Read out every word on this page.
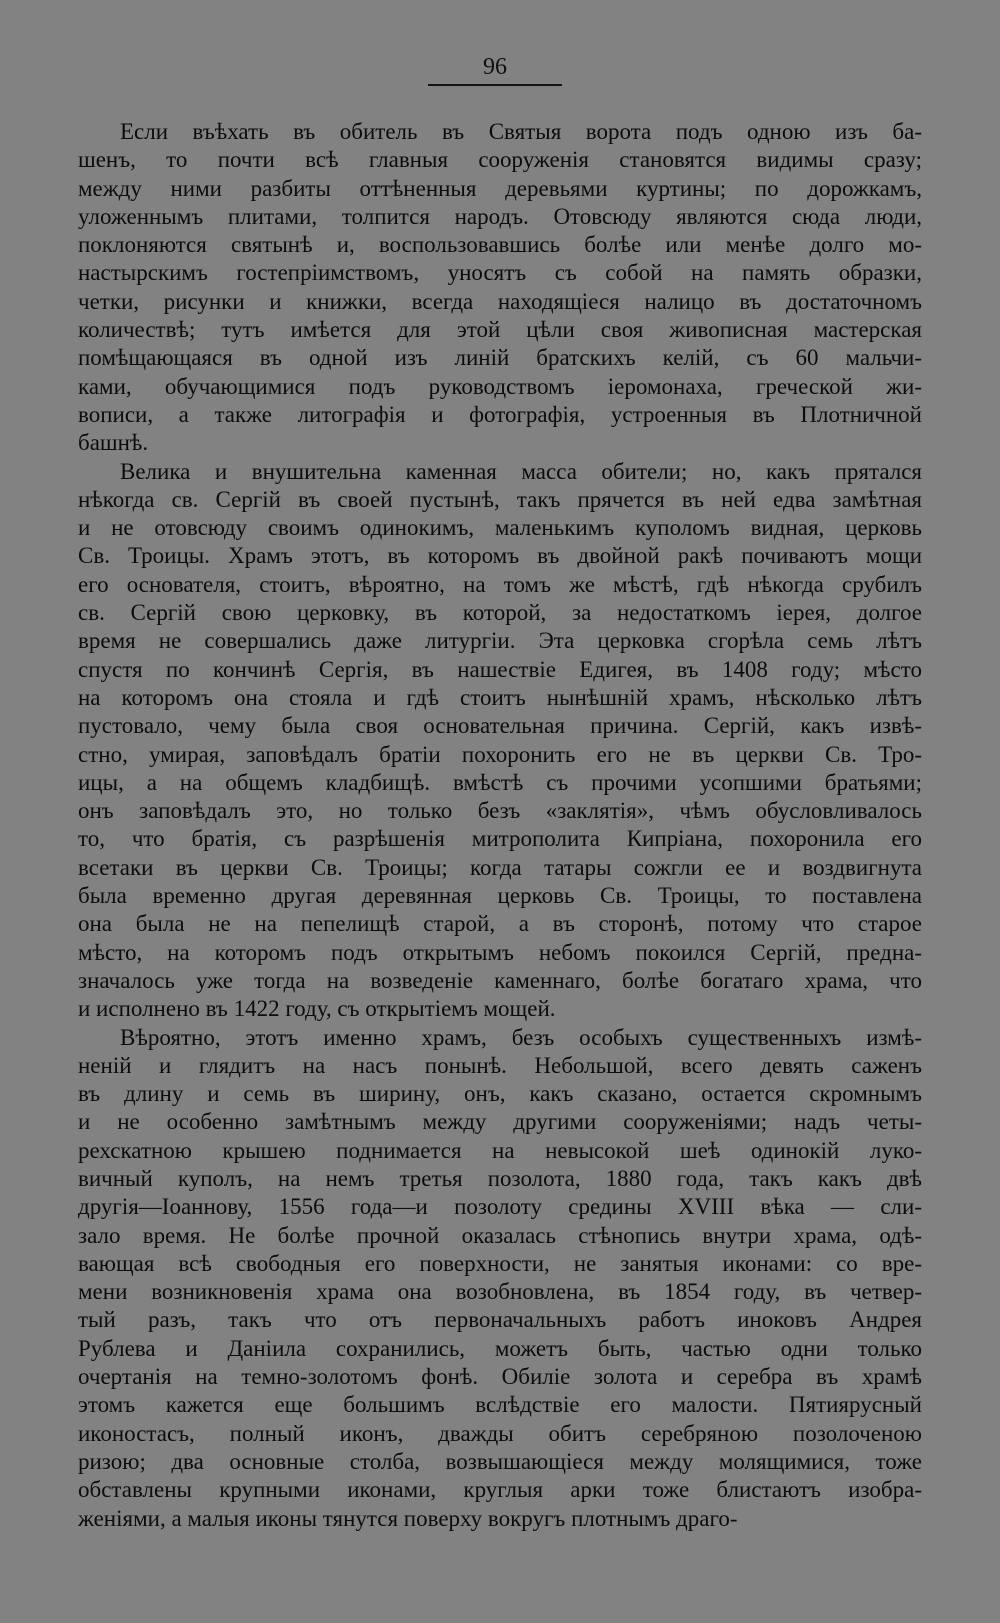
96
Если въѣхать въ обитель въ Святыя ворота подъ одною изъ ба-
шенъ, то почти всѣ главныя сооруженія становятся видимы сразу;
между ними разбиты оттѣненныя деревьями куртины; по дорожкамъ,
уложеннымъ плитами, толпится народъ. Отовсюду являются сюда люди,
поклоняются святынѣ и, воспользовавшись болѣе или менѣе долго мо-
настырскимъ гостепріимствомъ, уносятъ съ собой на память образки,
четки, рисунки и книжки, всегда находящіеся налицо въ достаточномъ
количествѣ; тутъ имѣется для этой цѣли своя живописная мастерская
помѣщающаяся въ одной изъ линій братскихъ келій, съ 60 мальчи-
ками, обучающимися подъ руководствомъ іеромонаха, греческой жи-
вописи, а также литографія и фотографія, устроенныя въ Плотничной
башнѣ.
Велика и внушительна каменная масса обители; но, какъ прятался
нѣкогда св. Сергій въ своей пустынѣ, такъ прячется въ ней едва замѣтная
и не отовсюду своимъ одинокимъ, маленькимъ куполомъ видная, церковь
Св. Троицы. Храмъ этотъ, въ которомъ въ двойной ракѣ почиваютъ мощи
его основателя, стоитъ, вѣроятно, на томъ же мѣстѣ, гдѣ нѣкогда срубилъ
св. Сергій свою церковку, въ которой, за недостаткомъ іерея, долгое
время не совершались даже литургіи. Эта церковка сгорѣла семь лѣтъ
спустя по кончинѣ Сергія, въ нашествіе Едигея, въ 1408 году; мѣсто
на которомъ она стояла и гдѣ стоитъ нынѣшній храмъ, нѣсколько лѣтъ
пустовало, чему была своя основательная причина. Сергій, какъ извѣ-
стно, умирая, заповѣдалъ братіи похоронить его не въ церкви Св. Тро-
ицы, а на общемъ кладбищѣ. вмѣстѣ съ прочими усопшими братьями;
онъ заповѣдалъ это, но только безъ «заклятія», чѣмъ обусловливалось
то, что братія, съ разрѣшенія митрополита Кипріана, похоронила его
всетаки въ церкви Св. Троицы; когда татары сожгли ее и воздвигнута
была временно другая деревянная церковь Св. Троицы, то поставлена
она была не на пепелищѣ старой, а въ сторонѣ, потому что старое
мѣсто, на которомъ подъ открытымъ небомъ покоился Сергій, предна-
значалось уже тогда на возведеніе каменнаго, болѣе богатаго храма, что
и исполнено въ 1422 году, съ открытіемъ мощей.
Вѣроятно, этотъ именно храмъ, безъ особыхъ существенныхъ измѣ-
неній и глядитъ на насъ понынѣ. Небольшой, всего девять саженъ
въ длину и семь въ ширину, онъ, какъ сказано, остается скромнымъ
и не особенно замѣтнымъ между другими сооруженіями; надъ четы-
рехскатною крышею поднимается на невысокой шеѣ одинокій луко-
вичный куполъ, на немъ третья позолота, 1880 года, такъ какъ двѣ
другія—Іоаннову, 1556 года—и позолоту средины XVIII вѣка — сли-
зало время. Не болѣе прочной оказалась стѣнопись внутри храма, одѣ-
вающая всѣ свободныя его поверхности, не занятыя иконами: со вре-
мени возникновенія храма она возобновлена, въ 1854 году, въ четвер-
тый разъ, такъ что отъ первоначальныхъ работъ иноковъ Андрея
Рублева и Даніила сохранились, можетъ быть, частью одни только
очертанія на темно-золотомъ фонѣ. Обиліе золота и серебра въ храмѣ
этомъ кажется еще большимъ вслѣдствіе его малости. Пятиярусный
иконостасъ, полный иконъ, дважды обитъ серебряною позолоченою
ризою; два основные столба, возвышающіеся между молящимися, тоже
обставлены крупными иконами, круглыя арки тоже блистаютъ изобра-
женіями, а малыя иконы тянутся поверху вокругъ плотнымъ драго-
